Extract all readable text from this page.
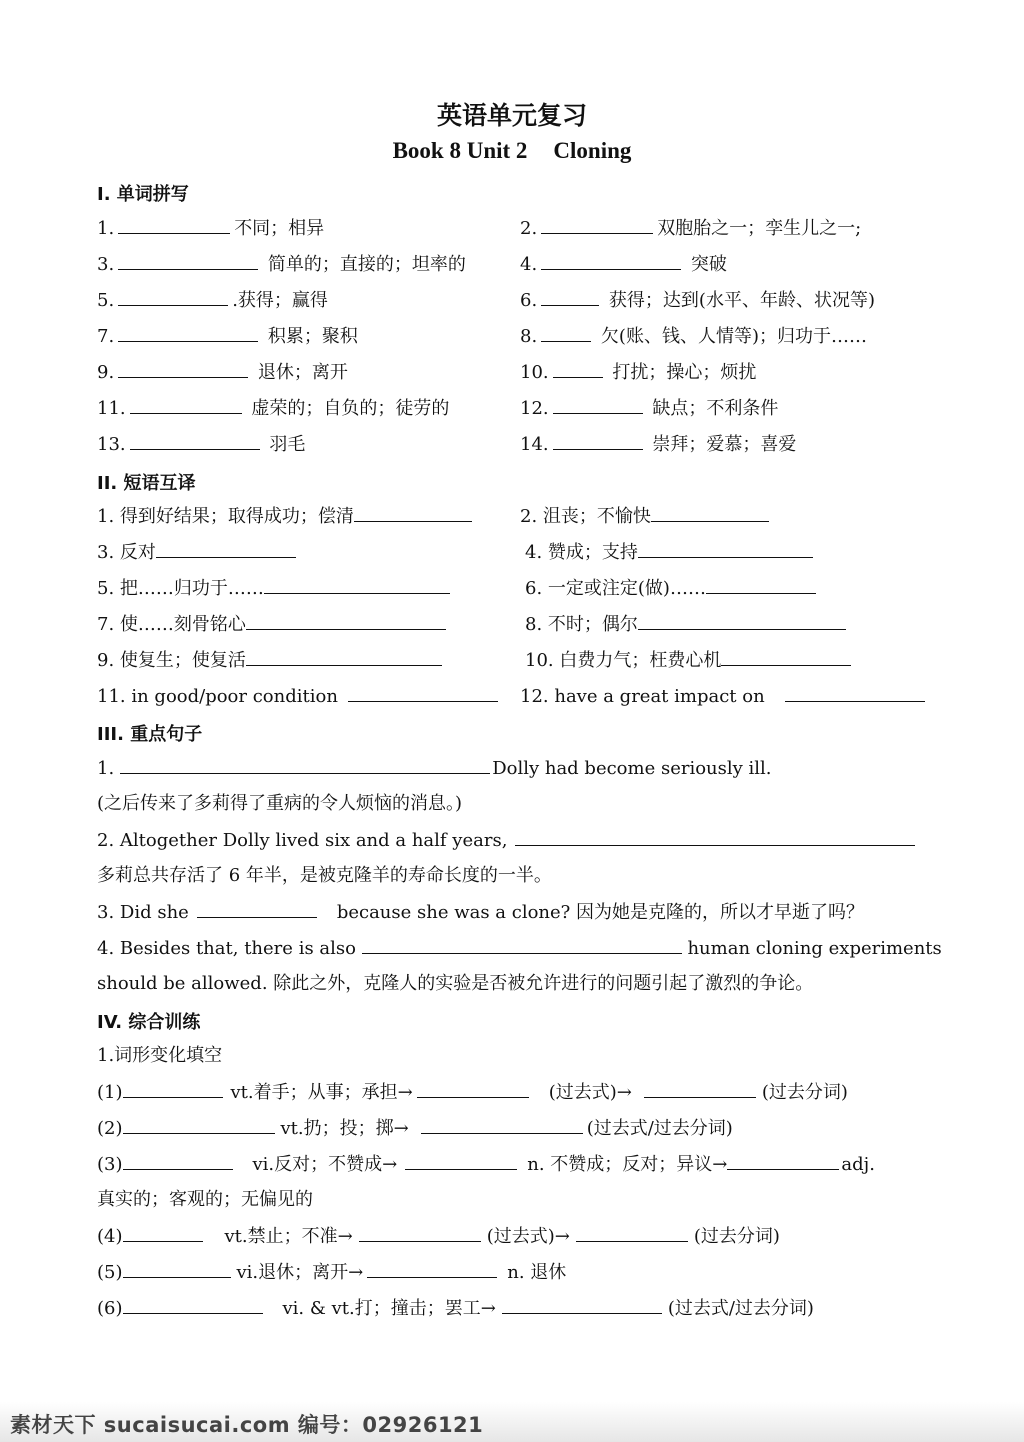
英语单元复习
Book 8 Unit 2 Cloning
I. 单词拼写
1.	不同；相异	2.	双胞胎之一；孪生儿之一;
3.	简单的；直接的；坦率的	4.	突破
5.	.获得；赢得	6.	获得；达到(水平、年龄、状况等)
7.	积累；聚积	8.	欠(账、钱、人情等)；归功于……
9.	退休；离开	10.	打扰；操心；烦扰
11.	虚荣的；自负的；徒劳的	12.	缺点；不利条件
13.	羽毛	14.	崇拜；爱慕；喜爱
II. 短语互译
1. 得到好结果；取得成功；偿清	2. 沮丧；不愉快
3. 反对	4. 赞成；支持
5. 把……归功于……	6. 一定或注定(做)……
7. 使……刻骨铭心	8. 不时；偶尔
9. 使复生；使复活	10. 白费力气；枉费心机
11. in good/poor condition	12. have a great impact on
III. 重点句子
1.	Dolly had become seriously ill.
(之后传来了多莉得了重病的令人烦恼的消息。)
2. Altogether Dolly lived six and a half years,
多莉总共存活了 6 年半，是被克隆羊的寿命长度的一半。
3. Did she	because she was a clone? 因为她是克隆的，所以才早逝了吗？
4. Besides that, there is also	human cloning experiments
should be allowed. 除此之外，克隆人的实验是否被允许进行的问题引起了激烈的争论。
IV. 综合训练
1.词形变化填空
(1)	vt.着手；从事；承担→	(过去式)→	(过去分词)
(2)	vt.扔；投；掷→	(过去式/过去分词)
(3)	vi.反对；不赞成→	n. 不赞成；反对；异议→	adj.
真实的；客观的；无偏见的
(4)	vt.禁止；不准→	(过去式)→	(过去分词)
(5)	vi.退休；离开→	n. 退休
(6)	vi. & vt.打；撞击；罢工→	(过去式/过去分词)
素材天下 sucaisucai.com 编号：02926121
